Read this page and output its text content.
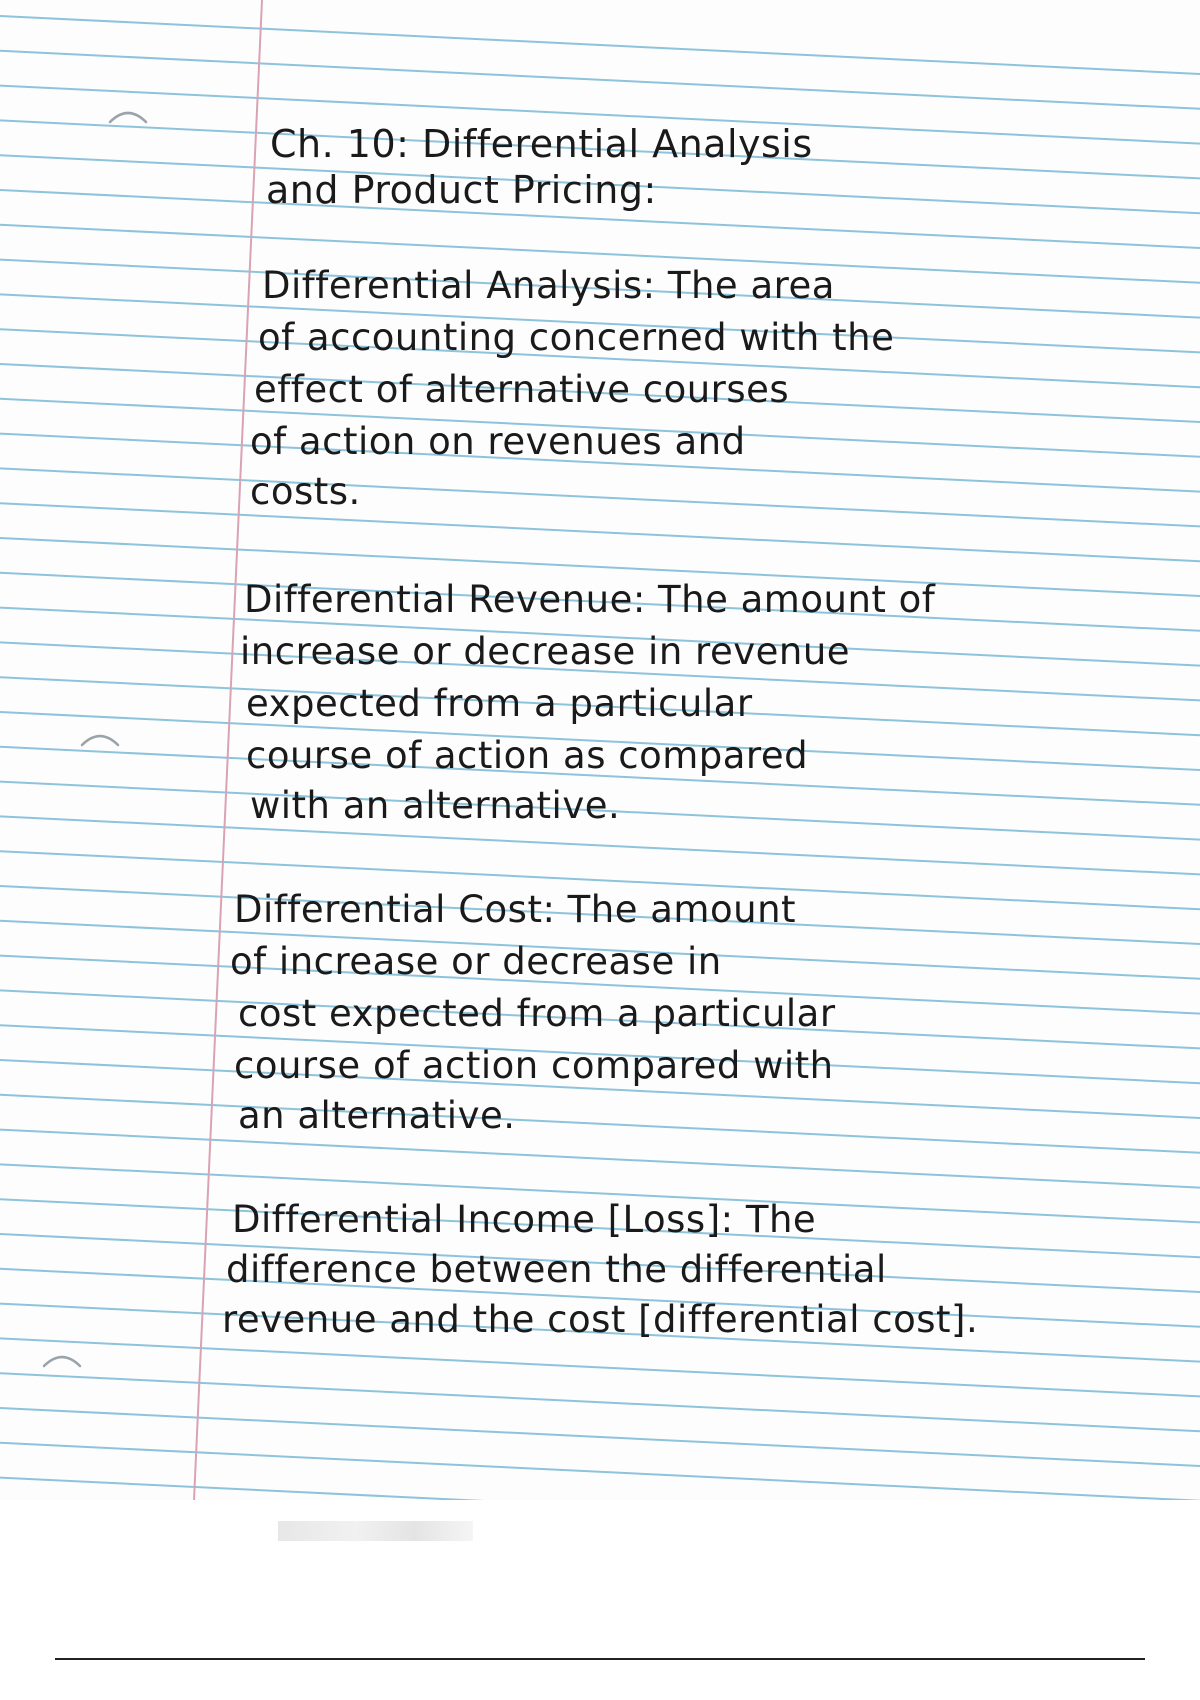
Ch. 10: Differential Analysis

and Product Pricing:

Differential Analysis: The area

of accounting concerned with the

effect of alternative courses

of action on revenues and

costs.

Differential Revenue: The amount of

increase or decrease in revenue

expected from a particular

course of action as compared

with an alternative.

Differential Cost: The amount

of increase or decrease in

cost expected from a particular

course of action compared with

an alternative.

Differential Income [Loss]: The

difference between the differential

revenue and the cost [differential cost].
